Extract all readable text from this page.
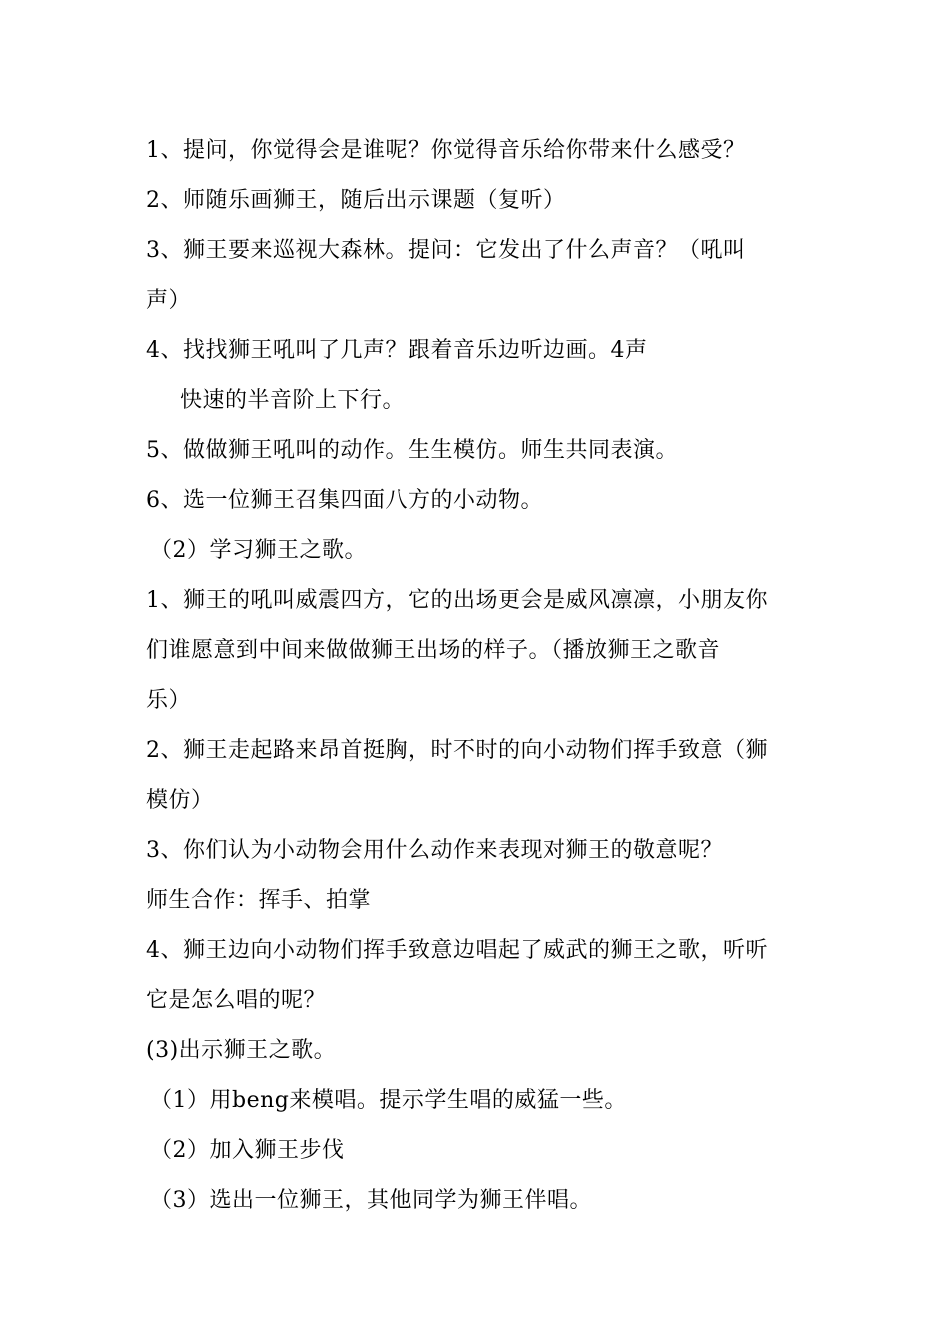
1、提问，你觉得会是谁呢？你觉得音乐给你带来什么感受？
2、师随乐画狮王，随后出示课题（复听）
3、狮王要来巡视大森林。提问：它发出了什么声音？（吼叫
声）
4、找找狮王吼叫了几声？跟着音乐边听边画。4声
快速的半音阶上下行。
5、做做狮王吼叫的动作。生生模仿。师生共同表演。
6、选一位狮王召集四面八方的小动物。
（2）学习狮王之歌。
1、狮王的吼叫威震四方，它的出场更会是威风凛凛，小朋友你
们谁愿意到中间来做做狮王出场的样子。（播放狮王之歌音
乐）
2、狮王走起路来昂首挺胸，时不时的向小动物们挥手致意（狮
模仿）
3、你们认为小动物会用什么动作来表现对狮王的敬意呢？
师生合作：挥手、拍掌
4、狮王边向小动物们挥手致意边唱起了威武的狮王之歌，听听
它是怎么唱的呢？
(3)出示狮王之歌。
（1）用beng来模唱。提示学生唱的威猛一些。
（2）加入狮王步伐
（3）选出一位狮王，其他同学为狮王伴唱。
